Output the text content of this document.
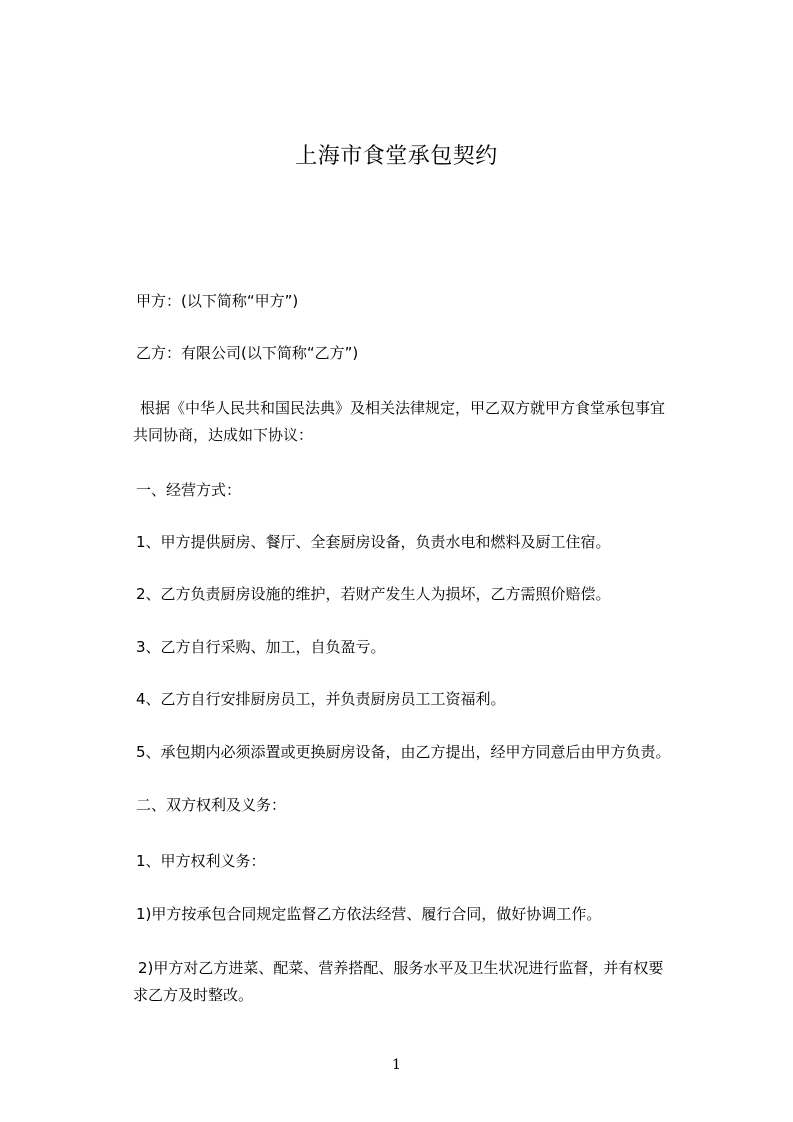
上海市食堂承包契约
甲方：(以下简称“甲方”)
乙方：有限公司(以下简称“乙方”)
根据《中华人民共和国民法典》及相关法律规定，甲乙双方就甲方食堂承包事宜
共同协商，达成如下协议：
一、经营方式：
1、甲方提供厨房、餐厅、全套厨房设备，负责水电和燃料及厨工住宿。
2、乙方负责厨房设施的维护，若财产发生人为损坏，乙方需照价赔偿。
3、乙方自行采购、加工，自负盈亏。
4、乙方自行安排厨房员工，并负责厨房员工工资福利。
5、承包期内必须添置或更换厨房设备，由乙方提出，经甲方同意后由甲方负责。
二、双方权利及义务：
1、甲方权利义务：
1)甲方按承包合同规定监督乙方依法经营、履行合同，做好协调工作。
2)甲方对乙方进菜、配菜、营养搭配、服务水平及卫生状况进行监督，并有权要
求乙方及时整改。
1
